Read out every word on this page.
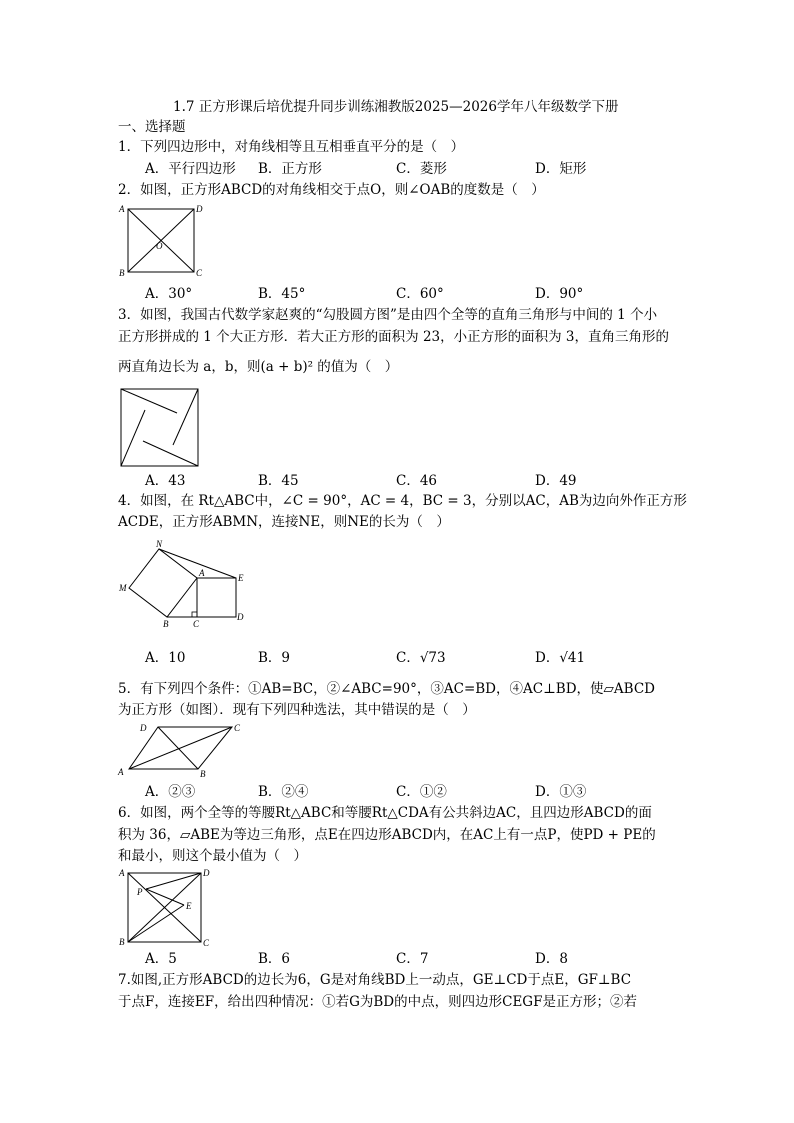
1.7 正方形课后培优提升同步训练湘教版2025—2026学年八年级数学下册
一、选择题
1．下列四边形中，对角线相等且互相垂直平分的是（　）
A．平行四边形 B．正方形	C．菱形	D．矩形
2．如图，正方形ABCD的对角线相交于点O，则∠OAB的度数是（　）
A	D
O
B	C
A．30°	B．45°	C．60°	D．90°
3．如图，我国古代数学家赵爽的“勾股圆方图”是由四个全等的直角三角形与中间的 1 个小
正方形拼成的 1 个大正方形．若大正方形的面积为 23，小正方形的面积为 3，直角三角形的
两直角边长为 a，b，则(a + b)² 的值为（　）
A．43	B．45	C．46	D．49
4．如图，在 Rt△ABC中，∠C = 90°，AC = 4，BC = 3，分别以AC，AB为边向外作正方形
ACDE，正方形ABMN，连接NE，则NE的长为（　）
N
A	E
M
B	C
D
A．10	B．9	C．√73	D．√41
5．有下列四个条件：①AB=BC，②∠ABC=90°，③AC=BD，④AC⊥BD，使▱ABCD
为正方形（如图）．现有下列四种选法，其中错误的是（　）
D	C
A	B
A．②③	B．②④	C．①②	D．①③
6．如图，两个全等的等腰Rt△ABC和等腰Rt△CDA有公共斜边AC，且四边形ABCD的面
积为 36，▱ABE为等边三角形，点E在四边形ABCD内，在AC上有一点P，使PD + PE的
和最小，则这个最小值为（　）
A	D
P
E
B	C
A．5	B．6	C．7	D．8
7.如图,正方形ABCD的边长为6，G是对角线BD上一动点，GE⊥CD于点E，GF⊥BC
于点F，连接EF，给出四种情况：①若G为BD的中点，则四边形CEGF是正方形；②若
